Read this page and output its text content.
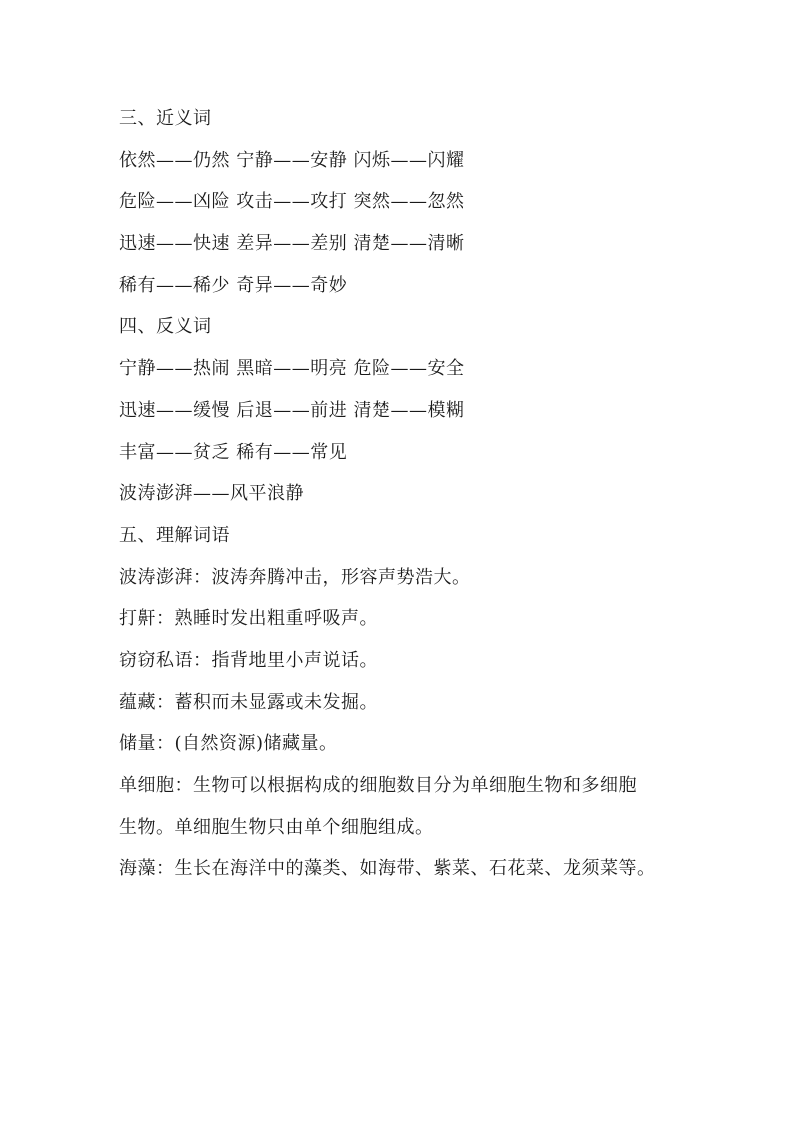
三、近义词
依然——仍然 宁静——安静 闪烁——闪耀
危险——凶险 攻击——攻打 突然——忽然
迅速——快速 差异——差别 清楚——清晰
稀有——稀少 奇异——奇妙
四、反义词
宁静——热闹 黑暗——明亮 危险——安全
迅速——缓慢 后退——前进 清楚——模糊
丰富——贫乏 稀有——常见
波涛澎湃——风平浪静
五、理解词语
波涛澎湃：波涛奔腾冲击，形容声势浩大。
打鼾：熟睡时发出粗重呼吸声。
窃窃私语：指背地里小声说话。
蕴藏：蓄积而未显露或未发掘。
储量：(自然资源)储藏量。
单细胞：生物可以根据构成的细胞数目分为单细胞生物和多细胞
生物。单细胞生物只由单个细胞组成。
海藻：生长在海洋中的藻类、如海带、紫菜、石花菜、龙须菜等。
